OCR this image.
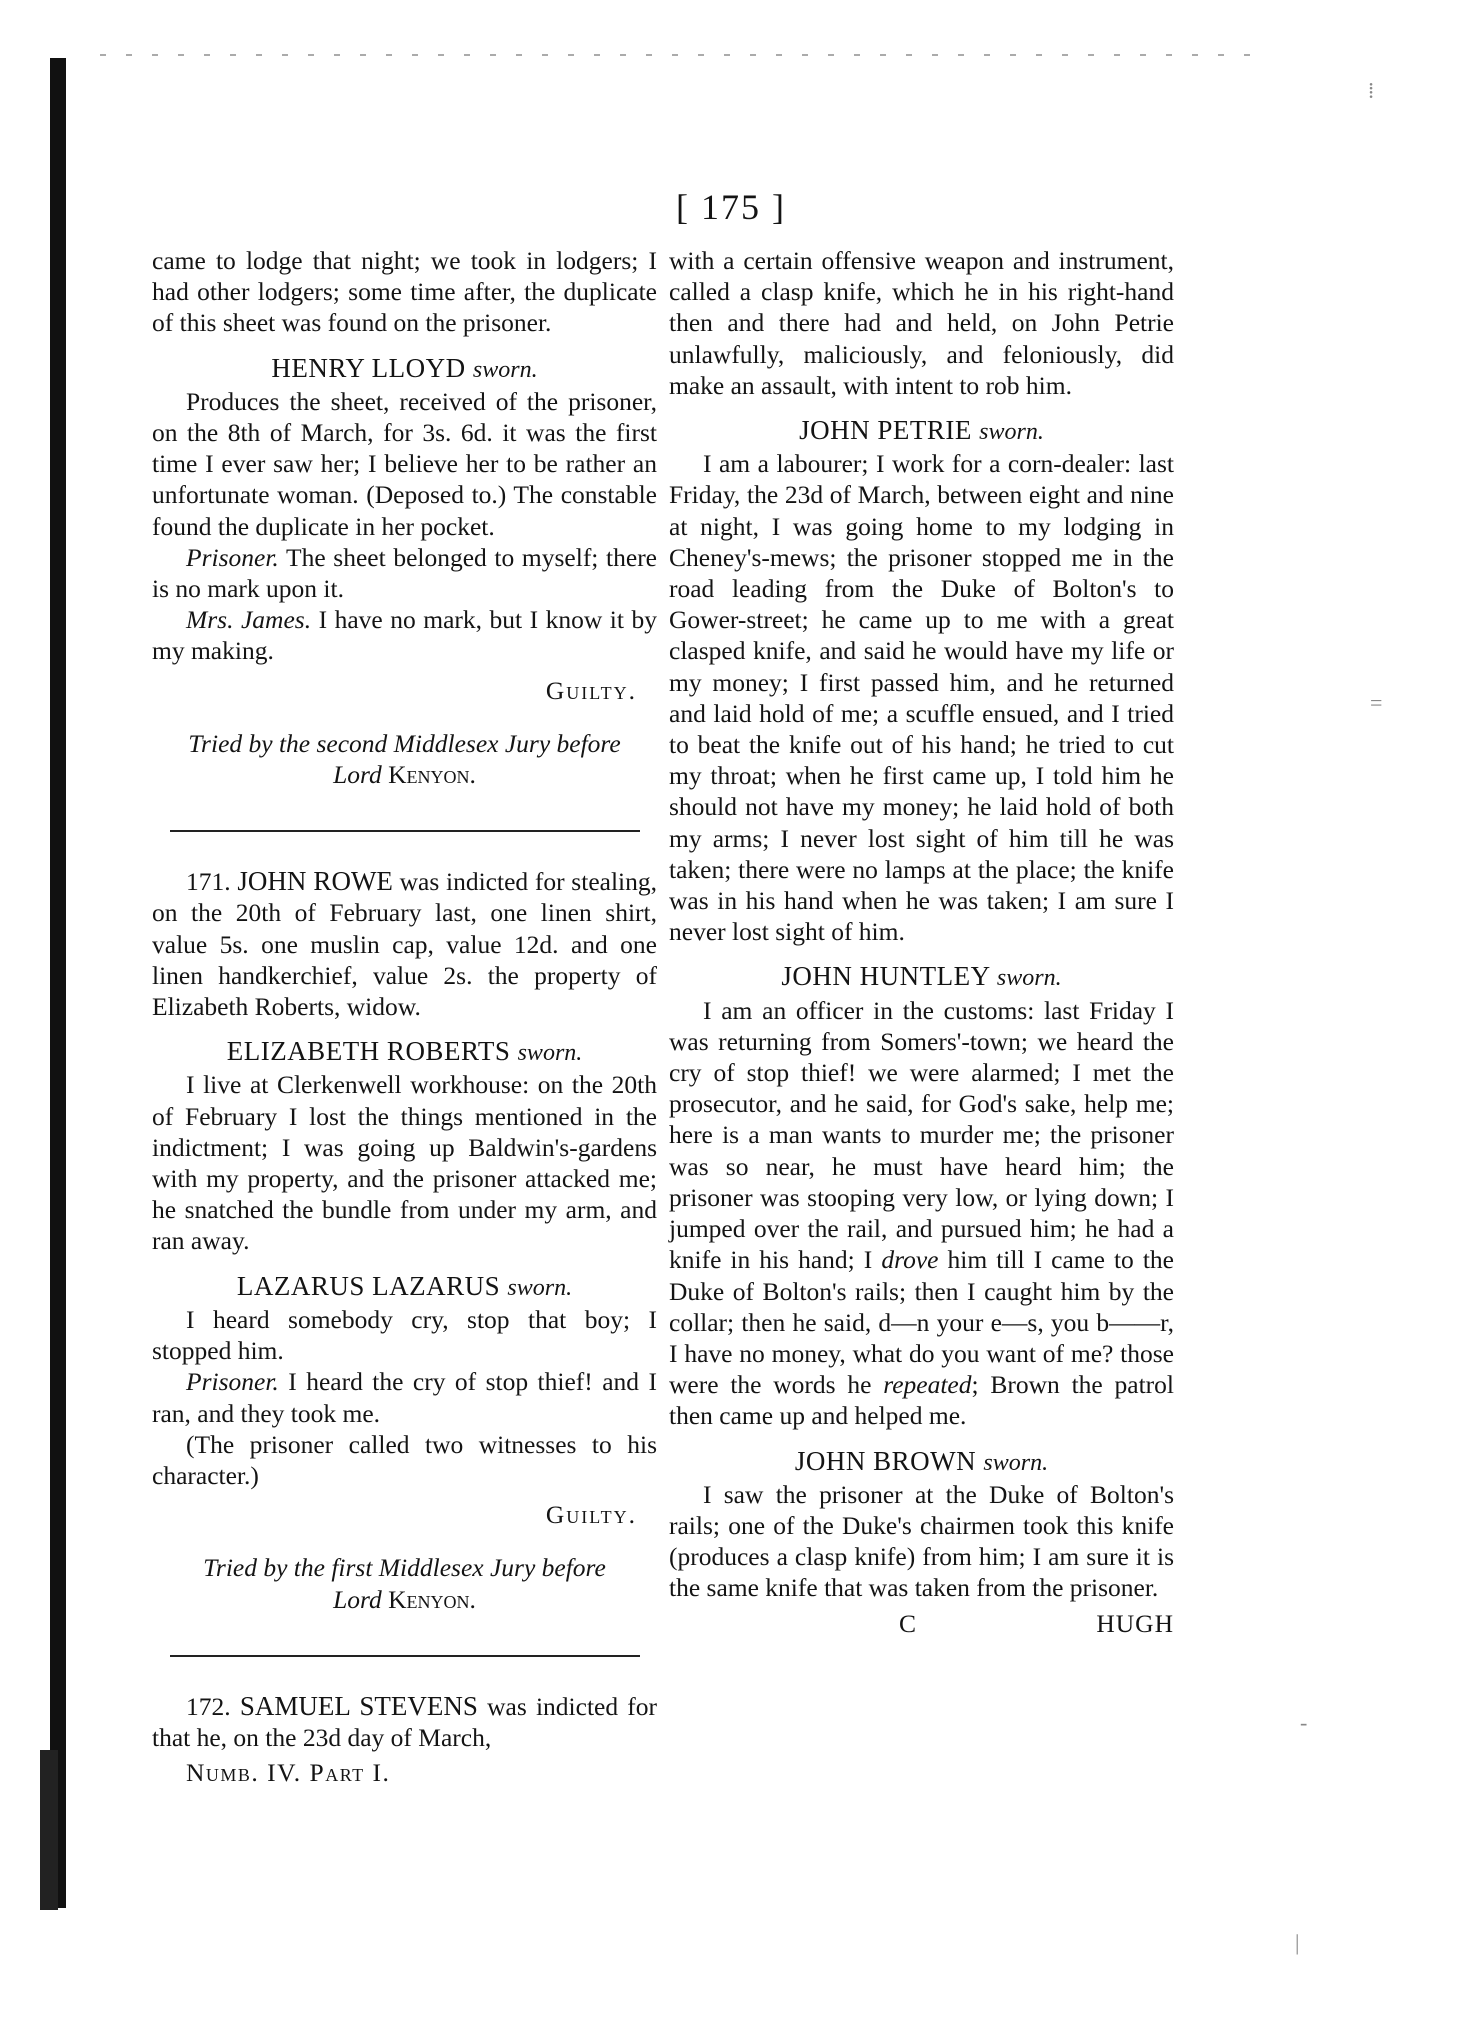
⁞
=
-
|
[ 175 ]

came to lodge that night; we took in lodgers; I had other lodgers; some time after, the duplicate of this sheet was found on the prisoner.

HENRY LLOYD sworn.

Produces the sheet, received of the prisoner, on the 8th of March, for 3s. 6d. it was the first time I ever saw her; I believe her to be rather an unfortunate woman. (Deposed to.) The constable found the duplicate in her pocket.

Prisoner. The sheet belonged to myself; there is no mark upon it.

Mrs. James. I have no mark, but I know it by my making.

Guilty.

Tried by the second Middlesex Jury before
Lord Kenyon.

171. JOHN ROWE was indicted for stealing, on the 20th of February last, one linen shirt, value 5s. one muslin cap, value 12d. and one linen handkerchief, value 2s. the property of Elizabeth Roberts, widow.

ELIZABETH ROBERTS sworn.

I live at Clerkenwell workhouse: on the 20th of February I lost the things mentioned in the indictment; I was going up Baldwin's-gardens with my property, and the prisoner attacked me; he snatched the bundle from under my arm, and ran away.

LAZARUS LAZARUS sworn.

I heard somebody cry, stop that boy; I stopped him.

Prisoner. I heard the cry of stop thief! and I ran, and they took me.

(The prisoner called two witnesses to his character.)

Guilty.

Tried by the first Middlesex Jury before
Lord Kenyon.

172. SAMUEL STEVENS was indicted for that he, on the 23d day of March,

Numb. IV. Part I.

with a certain offensive weapon and instrument, called a clasp knife, which he in his right-hand then and there had and held, on John Petrie unlawfully, maliciously, and feloniously, did make an assault, with intent to rob him.

JOHN PETRIE sworn.

I am a labourer; I work for a corn-dealer: last Friday, the 23d of March, between eight and nine at night, I was going home to my lodging in Cheney's-mews; the prisoner stopped me in the road leading from the Duke of Bolton's to Gower-street; he came up to me with a great clasped knife, and said he would have my life or my money; I first passed him, and he returned and laid hold of me; a scuffle ensued, and I tried to beat the knife out of his hand; he tried to cut my throat; when he first came up, I told him he should not have my money; he laid hold of both my arms; I never lost sight of him till he was taken; there were no lamps at the place; the knife was in his hand when he was taken; I am sure I never lost sight of him.

JOHN HUNTLEY sworn.

I am an officer in the customs: last Friday I was returning from Somers'-town; we heard the cry of stop thief! we were alarmed; I met the prosecutor, and he said, for God's sake, help me; here is a man wants to murder me; the prisoner was so near, he must have heard him; the prisoner was stooping very low, or lying down; I jumped over the rail, and pursued him; he had a knife in his hand; I drove him till I came to the Duke of Bolton's rails; then I caught him by the collar; then he said, d—n your e—s, you b——r, I have no money, what do you want of me? those were the words he repeated; Brown the patrol then came up and helped me.

JOHN BROWN sworn.

I saw the prisoner at the Duke of Bolton's rails; one of the Duke's chairmen took this knife (produces a clasp knife) from him; I am sure it is the same knife that was taken from the prisoner.

C	HUGH
